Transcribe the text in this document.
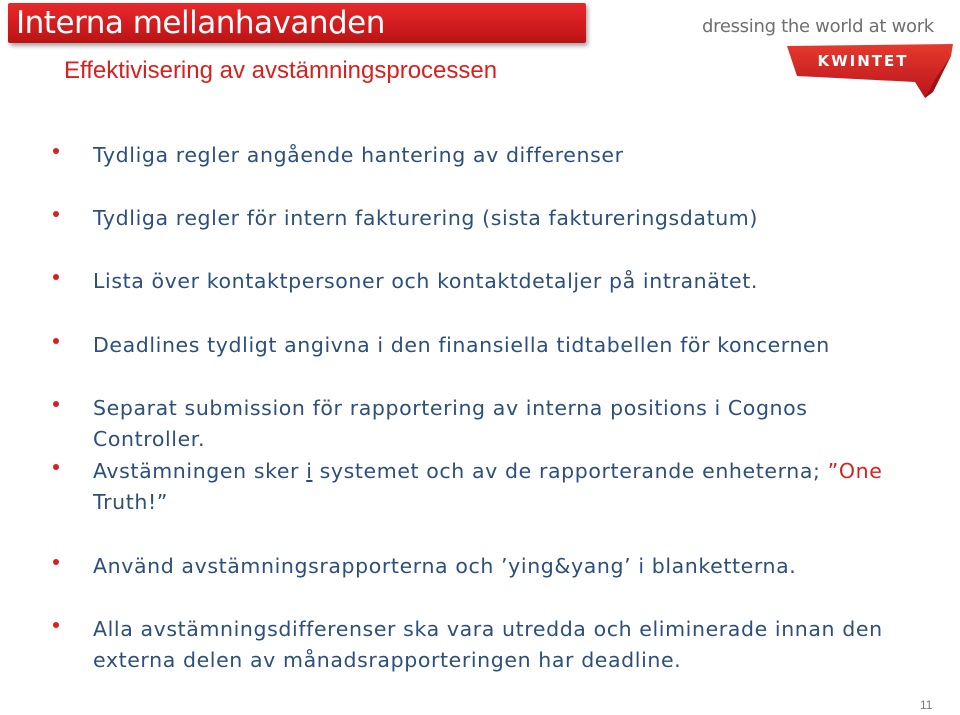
Interna mellanhavanden
Effektivisering av avstämningsprocessen
dressing the world at work
KWINTET
Tydliga regler angående hantering av differenser
Tydliga regler för intern fakturering (sista faktureringsdatum)
Lista över kontaktpersoner och kontaktdetaljer på intranätet.
Deadlines tydligt angivna i den finansiella tidtabellen för koncernen
Separat submission för rapportering av interna positions i Cognos Controller.
Avstämningen sker i systemet och av de rapporterande enheterna; ”One Truth!”
Använd avstämningsrapporterna och ’ying&yang’ i blanketterna.
Alla avstämningsdifferenser ska vara utredda och eliminerade innan den externa delen av månadsrapporteringen har deadline.
11
